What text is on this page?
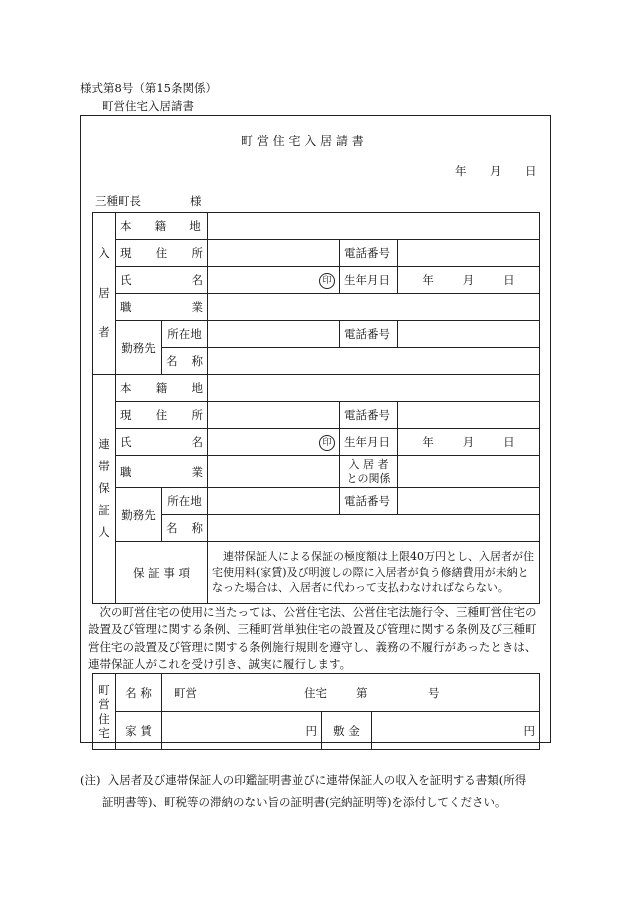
様式第8号（第15条関係）
町営住宅入居請書
町 営 住 宅 入 居 請 書
年 月 日
三種町長	様
入
居
者	本 籍 地				

	現 住 所			電話番号	

	氏 名		印	生年月日	年 月 日

	職 業				

	勤務先	所在地		電話番号	

		名 称			

連
帯
保
証
人	本 籍 地				

	現 住 所			電話番号	

	氏 名		印	生年月日	年 月 日

	職 業			入 居 者
との関係	

	勤務先	所在地		電話番号	

		名 称			

	保 証 事 項		連帯保証人による保証の極度額は上限40万円とし、入居者が住宅使用料(家賃)及び明渡しの際に入居者が負う修繕費用が未納となった場合は、入居者に代わって支払わなければならない。		
次の町営住宅の使用に当たっては、公営住宅法、公営住宅法施行令、三種町営住宅の設置及び管理に関する条例、三種町営単独住宅の設置及び管理に関する条例及び三種町営住宅の設置及び管理に関する条例施行規則を遵守し、義務の不履行があったときは、連帯保証人がこれを受け引き、誠実に履行します。
町
営
住
宅	名 称	町営 住宅 第 号		
	家 賃	円	敷 金	円
(注) 入居者及び連帯保証人の印鑑証明書並びに連帯保証人の収入を証明する書類(所得
証明書等)、町税等の滞納のない旨の証明書(完納証明等)を添付してください。
